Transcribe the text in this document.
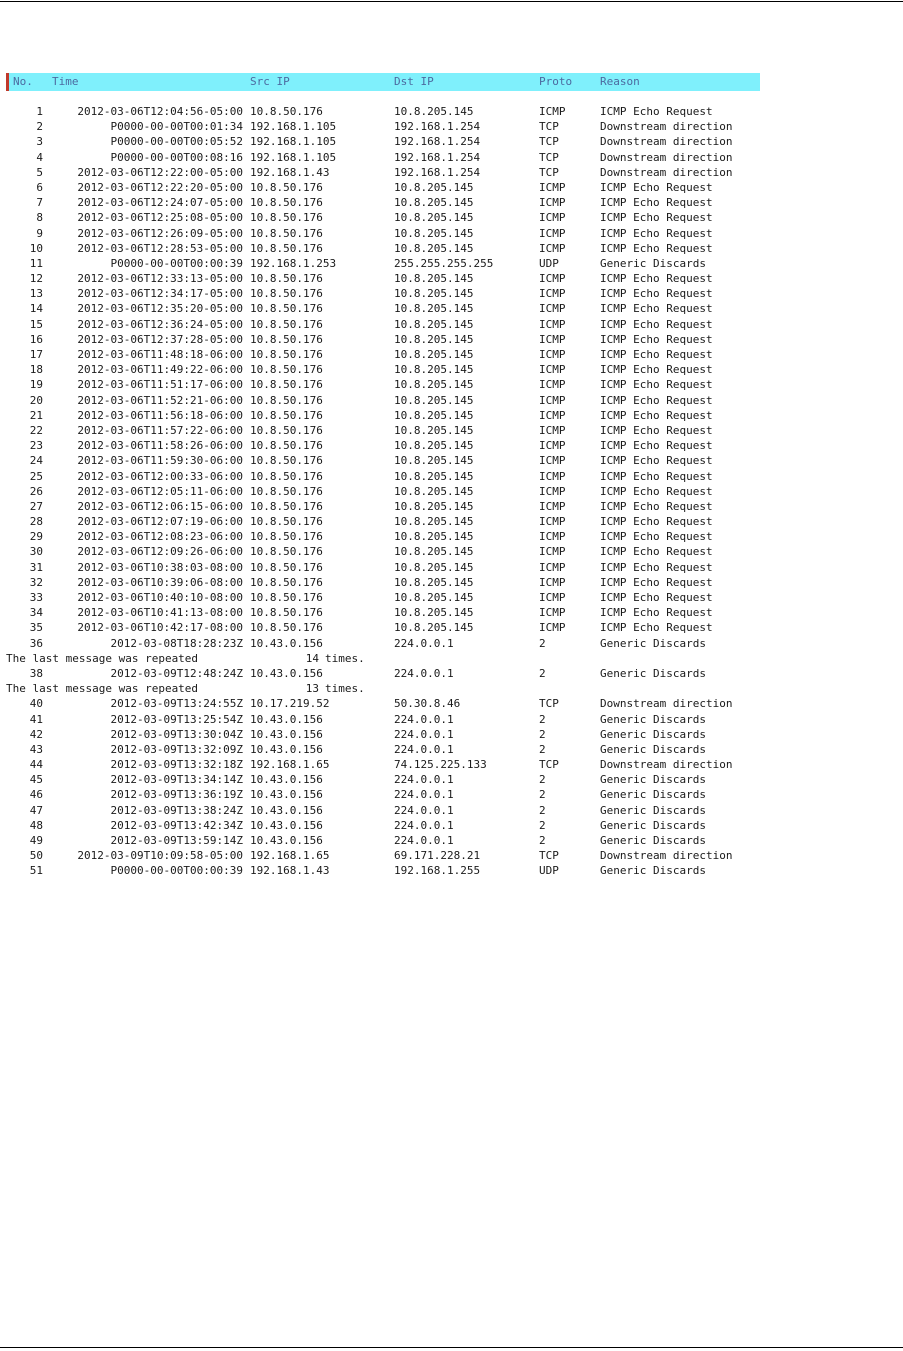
No. Time	Src IP	Dst IP	Proto	Reason
1	2012-03-06T12:04:56-05:00 10.8.50.176	10.8.205.145	ICMP	ICMP Echo Request
2	P0000-00-00T00:01:34 192.168.1.105	192.168.1.254	TCP	Downstream direction
3	P0000-00-00T00:05:52 192.168.1.105	192.168.1.254	TCP	Downstream direction
4	P0000-00-00T00:08:16 192.168.1.105	192.168.1.254	TCP	Downstream direction
5	2012-03-06T12:22:00-05:00 192.168.1.43	192.168.1.254	TCP	Downstream direction
6	2012-03-06T12:22:20-05:00 10.8.50.176	10.8.205.145	ICMP	ICMP Echo Request
7	2012-03-06T12:24:07-05:00 10.8.50.176	10.8.205.145	ICMP	ICMP Echo Request
8	2012-03-06T12:25:08-05:00 10.8.50.176	10.8.205.145	ICMP	ICMP Echo Request
9	2012-03-06T12:26:09-05:00 10.8.50.176	10.8.205.145	ICMP	ICMP Echo Request
10	2012-03-06T12:28:53-05:00 10.8.50.176	10.8.205.145	ICMP	ICMP Echo Request
11	P0000-00-00T00:00:39 192.168.1.253	255.255.255.255	UDP	Generic Discards
12	2012-03-06T12:33:13-05:00 10.8.50.176	10.8.205.145	ICMP	ICMP Echo Request
13	2012-03-06T12:34:17-05:00 10.8.50.176	10.8.205.145	ICMP	ICMP Echo Request
14	2012-03-06T12:35:20-05:00 10.8.50.176	10.8.205.145	ICMP	ICMP Echo Request
15	2012-03-06T12:36:24-05:00 10.8.50.176	10.8.205.145	ICMP	ICMP Echo Request
16	2012-03-06T12:37:28-05:00 10.8.50.176	10.8.205.145	ICMP	ICMP Echo Request
17	2012-03-06T11:48:18-06:00 10.8.50.176	10.8.205.145	ICMP	ICMP Echo Request
18	2012-03-06T11:49:22-06:00 10.8.50.176	10.8.205.145	ICMP	ICMP Echo Request
19	2012-03-06T11:51:17-06:00 10.8.50.176	10.8.205.145	ICMP	ICMP Echo Request
20	2012-03-06T11:52:21-06:00 10.8.50.176	10.8.205.145	ICMP	ICMP Echo Request
21	2012-03-06T11:56:18-06:00 10.8.50.176	10.8.205.145	ICMP	ICMP Echo Request
22	2012-03-06T11:57:22-06:00 10.8.50.176	10.8.205.145	ICMP	ICMP Echo Request
23	2012-03-06T11:58:26-06:00 10.8.50.176	10.8.205.145	ICMP	ICMP Echo Request
24	2012-03-06T11:59:30-06:00 10.8.50.176	10.8.205.145	ICMP	ICMP Echo Request
25	2012-03-06T12:00:33-06:00 10.8.50.176	10.8.205.145	ICMP	ICMP Echo Request
26	2012-03-06T12:05:11-06:00 10.8.50.176	10.8.205.145	ICMP	ICMP Echo Request
27	2012-03-06T12:06:15-06:00 10.8.50.176	10.8.205.145	ICMP	ICMP Echo Request
28	2012-03-06T12:07:19-06:00 10.8.50.176	10.8.205.145	ICMP	ICMP Echo Request
29	2012-03-06T12:08:23-06:00 10.8.50.176	10.8.205.145	ICMP	ICMP Echo Request
30	2012-03-06T12:09:26-06:00 10.8.50.176	10.8.205.145	ICMP	ICMP Echo Request
31	2012-03-06T10:38:03-08:00 10.8.50.176	10.8.205.145	ICMP	ICMP Echo Request
32	2012-03-06T10:39:06-08:00 10.8.50.176	10.8.205.145	ICMP	ICMP Echo Request
33	2012-03-06T10:40:10-08:00 10.8.50.176	10.8.205.145	ICMP	ICMP Echo Request
34	2012-03-06T10:41:13-08:00 10.8.50.176	10.8.205.145	ICMP	ICMP Echo Request
35	2012-03-06T10:42:17-08:00 10.8.50.176	10.8.205.145	ICMP	ICMP Echo Request
36	2012-03-08T18:28:23Z 10.43.0.156	224.0.0.1	2	Generic Discards
The last message was repeated	14 times.
38	2012-03-09T12:48:24Z 10.43.0.156	224.0.0.1	2	Generic Discards
The last message was repeated	13 times.
40	2012-03-09T13:24:55Z 10.17.219.52	50.30.8.46	TCP	Downstream direction
41	2012-03-09T13:25:54Z 10.43.0.156	224.0.0.1	2	Generic Discards
42	2012-03-09T13:30:04Z 10.43.0.156	224.0.0.1	2	Generic Discards
43	2012-03-09T13:32:09Z 10.43.0.156	224.0.0.1	2	Generic Discards
44	2012-03-09T13:32:18Z 192.168.1.65	74.125.225.133	TCP	Downstream direction
45	2012-03-09T13:34:14Z 10.43.0.156	224.0.0.1	2	Generic Discards
46	2012-03-09T13:36:19Z 10.43.0.156	224.0.0.1	2	Generic Discards
47	2012-03-09T13:38:24Z 10.43.0.156	224.0.0.1	2	Generic Discards
48	2012-03-09T13:42:34Z 10.43.0.156	224.0.0.1	2	Generic Discards
49	2012-03-09T13:59:14Z 10.43.0.156	224.0.0.1	2	Generic Discards
50	2012-03-09T10:09:58-05:00 192.168.1.65	69.171.228.21	TCP	Downstream direction
51	P0000-00-00T00:00:39 192.168.1.43	192.168.1.255	UDP	Generic Discards
